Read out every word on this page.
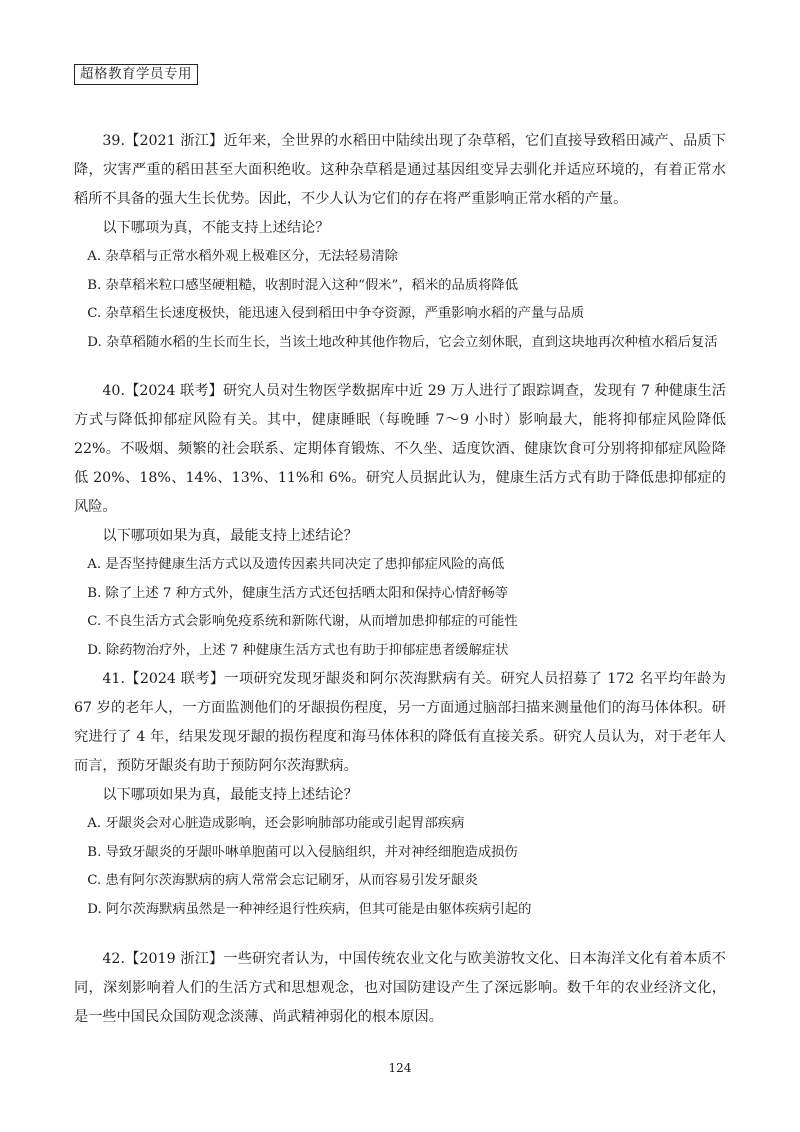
超格教育学员专用

39.【2021 浙江】近年来，全世界的水稻田中陆续出现了杂草稻，它们直接导致稻田减产、品质下降，灾害严重的稻田甚至大面积绝收。这种杂草稻是通过基因组变异去驯化并适应环境的，有着正常水稻所不具备的强大生长优势。因此，不少人认为它们的存在将严重影响正常水稻的产量。

以下哪项为真，不能支持上述结论？

A. 杂草稻与正常水稻外观上极难区分，无法轻易清除
B. 杂草稻米粒口感坚硬粗糙，收割时混入这种“假米”，稻米的品质将降低
C. 杂草稻生长速度极快，能迅速入侵到稻田中争夺资源，严重影响水稻的产量与品质
D. 杂草稻随水稻的生长而生长，当该土地改种其他作物后，它会立刻休眠，直到这块地再次种植水稻后复活

40.【2024 联考】研究人员对生物医学数据库中近 29 万人进行了跟踪调查，发现有 7 种健康生活方式与降低抑郁症风险有关。其中，健康睡眠（每晚睡 7～9 小时）影响最大，能将抑郁症风险降低 22%。不吸烟、频繁的社会联系、定期体育锻炼、不久坐、适度饮酒、健康饮食可分别将抑郁症风险降低 20%、18%、14%、13%、11%和 6%。研究人员据此认为，健康生活方式有助于降低患抑郁症的风险。

以下哪项如果为真，最能支持上述结论？

A. 是否坚持健康生活方式以及遗传因素共同决定了患抑郁症风险的高低
B. 除了上述 7 种方式外，健康生活方式还包括晒太阳和保持心情舒畅等
C. 不良生活方式会影响免疫系统和新陈代谢，从而增加患抑郁症的可能性
D. 除药物治疗外，上述 7 种健康生活方式也有助于抑郁症患者缓解症状

41.【2024 联考】一项研究发现牙龈炎和阿尔茨海默病有关。研究人员招募了 172 名平均年龄为 67 岁的老年人，一方面监测他们的牙龈损伤程度，另一方面通过脑部扫描来测量他们的海马体体积。研究进行了 4 年，结果发现牙龈的损伤程度和海马体体积的降低有直接关系。研究人员认为，对于老年人而言，预防牙龈炎有助于预防阿尔茨海默病。

以下哪项如果为真，最能支持上述结论？

A. 牙龈炎会对心脏造成影响，还会影响肺部功能或引起胃部疾病
B. 导致牙龈炎的牙龈卟啉单胞菌可以入侵脑组织，并对神经细胞造成损伤
C. 患有阿尔茨海默病的病人常常会忘记刷牙，从而容易引发牙龈炎
D. 阿尔茨海默病虽然是一种神经退行性疾病，但其可能是由躯体疾病引起的

42.【2019 浙江】一些研究者认为，中国传统农业文化与欧美游牧文化、日本海洋文化有着本质不同，深刻影响着人们的生活方式和思想观念，也对国防建设产生了深远影响。数千年的农业经济文化，是一些中国民众国防观念淡薄、尚武精神弱化的根本原因。

124
